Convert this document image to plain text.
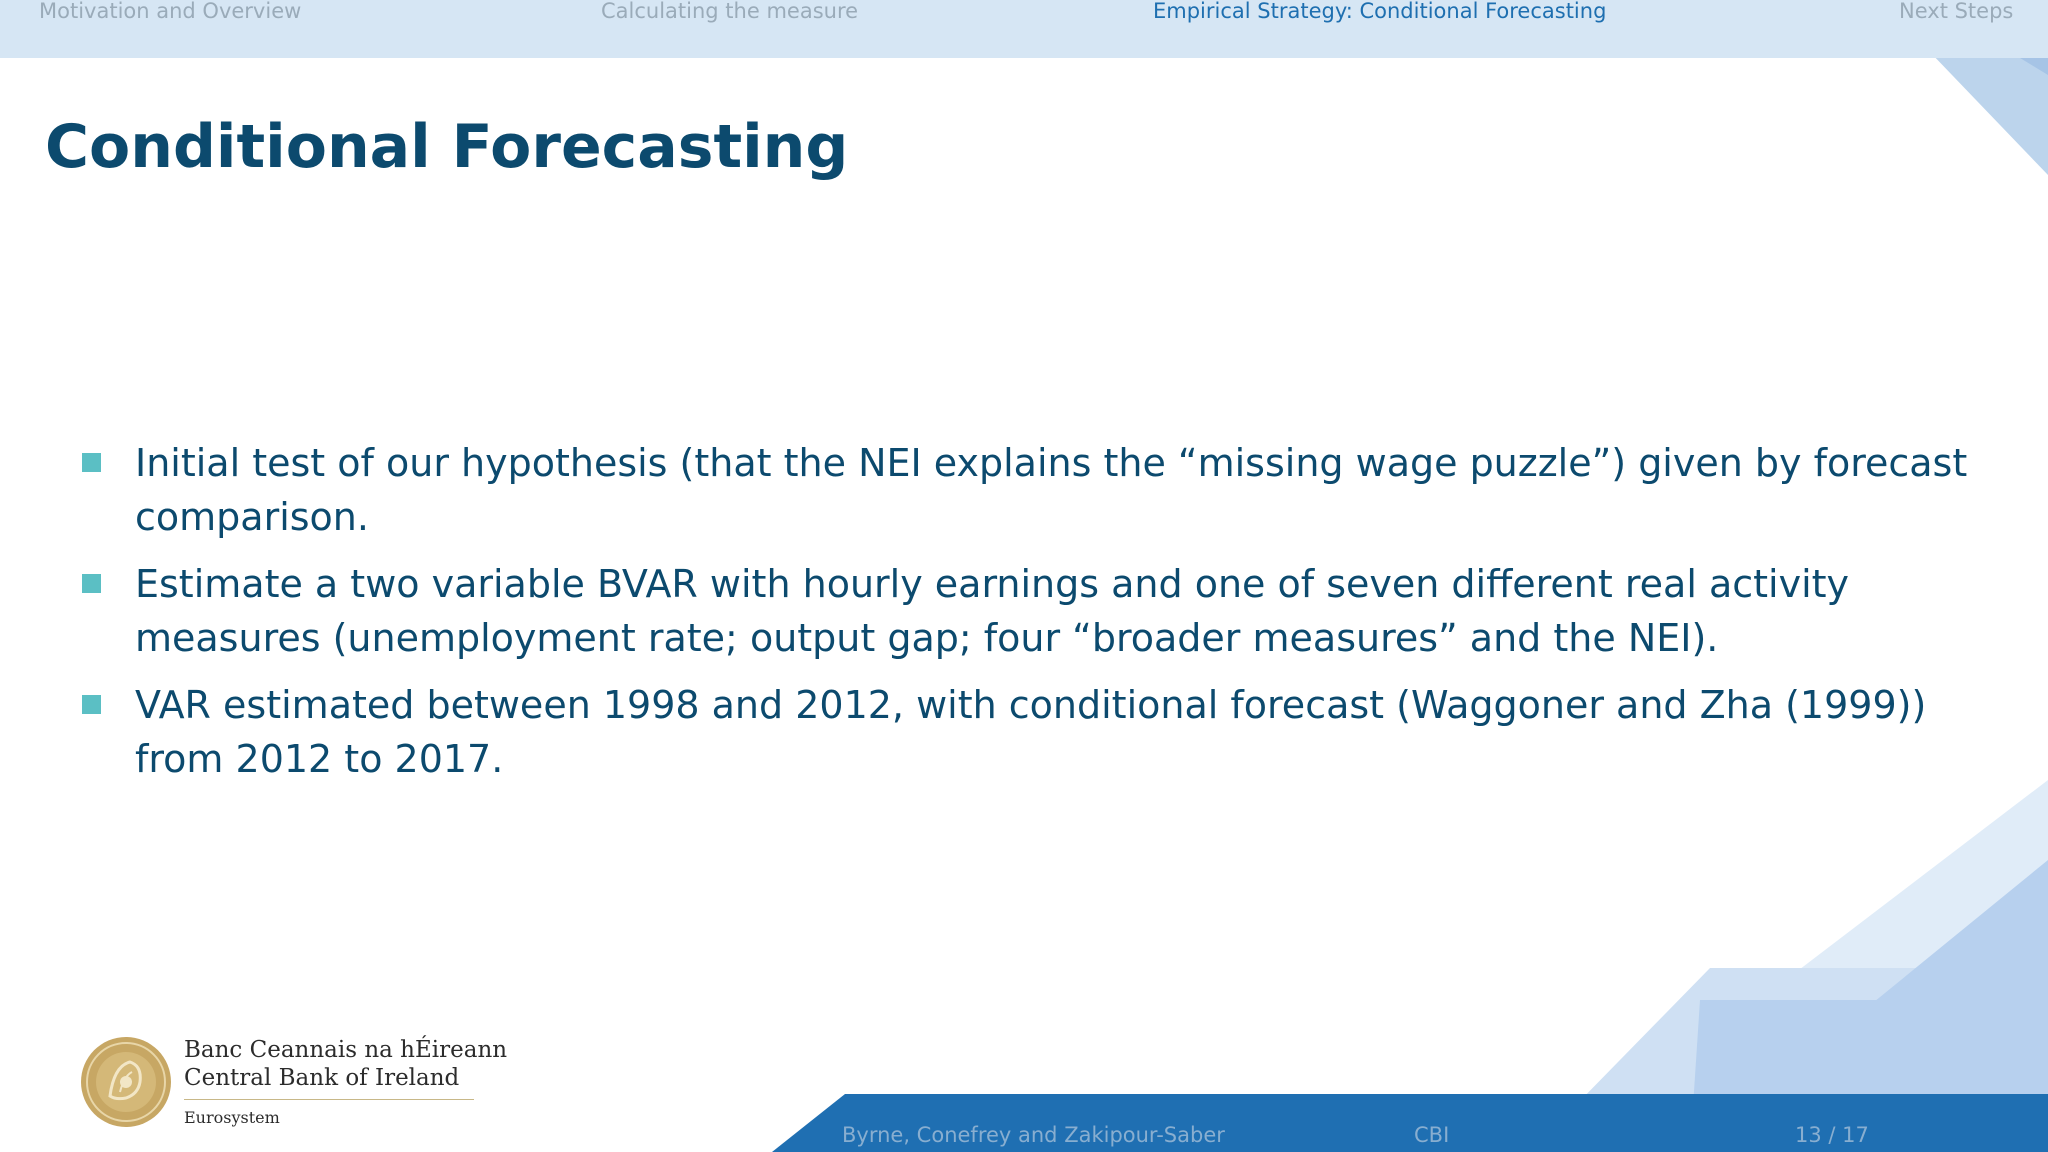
Motivation and Overview	Calculating the measure	Empirical Strategy: Conditional Forecasting	Next Steps
Conditional Forecasting
Initial test of our hypothesis (that the NEI explains the “missing wage puzzle”) given by forecast comparison.
Estimate a two variable BVAR with hourly earnings and one of seven different real activity measures (unemployment rate; output gap; four “broader measures” and the NEI).
VAR estimated between 1998 and 2012, with conditional forecast (Waggoner and Zha (1999)) from 2012 to 2017.
Banc Ceannais na hÉireann
Central Bank of Ireland
Eurosystem
Byrne, Conefrey and Zakipour-Saber	CBI	13 / 17
